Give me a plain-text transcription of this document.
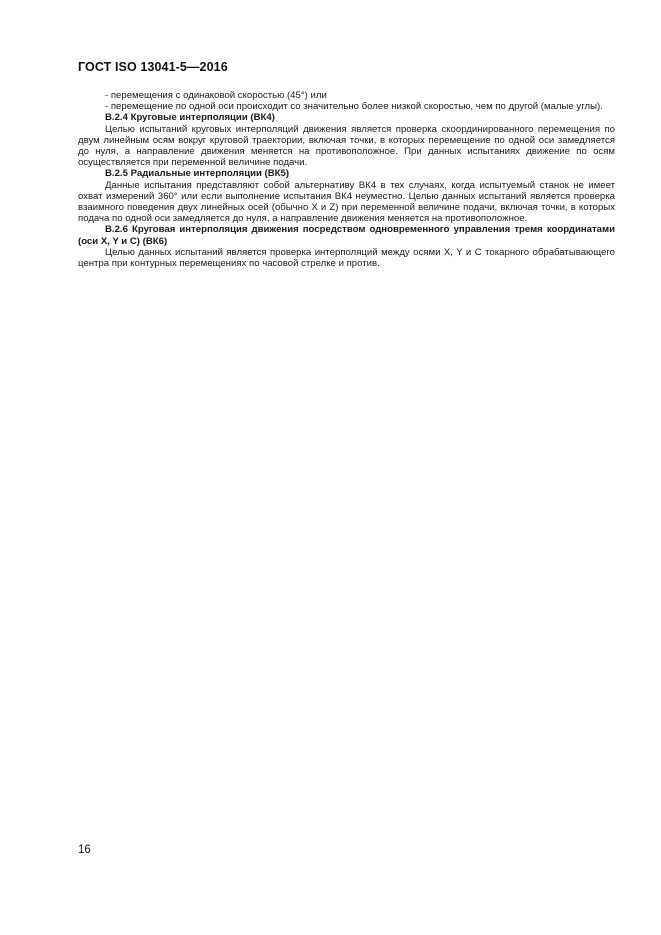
ГОСТ ISO 13041-5—2016

- перемещения с одинаковой скоростью (45°) или

- перемещение по одной оси происходит со значительно более низкой скоростью, чем по другой (малые углы).

В.2.4 Круговые интерполяции (ВК4)

Целью испытаний круговых интерполяций движения является проверка скоординированного перемещения по двум линейным осям вокруг круговой траектории, включая точки, в которых перемещение по одной оси замедляется до нуля, а направление движения меняется на противоположное. При данных испытаниях движение по осям осуществляется при переменной величине подачи.

В.2.5 Радиальные интерполяции (ВК5)

Данные испытания представляют собой альтернативу ВК4 в тех случаях, когда испытуемый станок не имеет охват измерений 360° или если выполнение испытания ВК4 неуместно. Целью данных испытаний является проверка взаимного поведения двух линейных осей (обычно X и Z) при переменной величине подачи, включая точки, в которых подача по одной оси замедляется до нуля, а направление движения меняется на противоположное.

В.2.6 Круговая интерполяция движения посредством одновременного управления тремя координатами (оси X, Y и C) (ВК6)

Целью данных испытаний является проверка интерполяций между осями X, Y и C токарного обрабатывающего центра при контурных перемещениях по часовой стрелке и против.

16
